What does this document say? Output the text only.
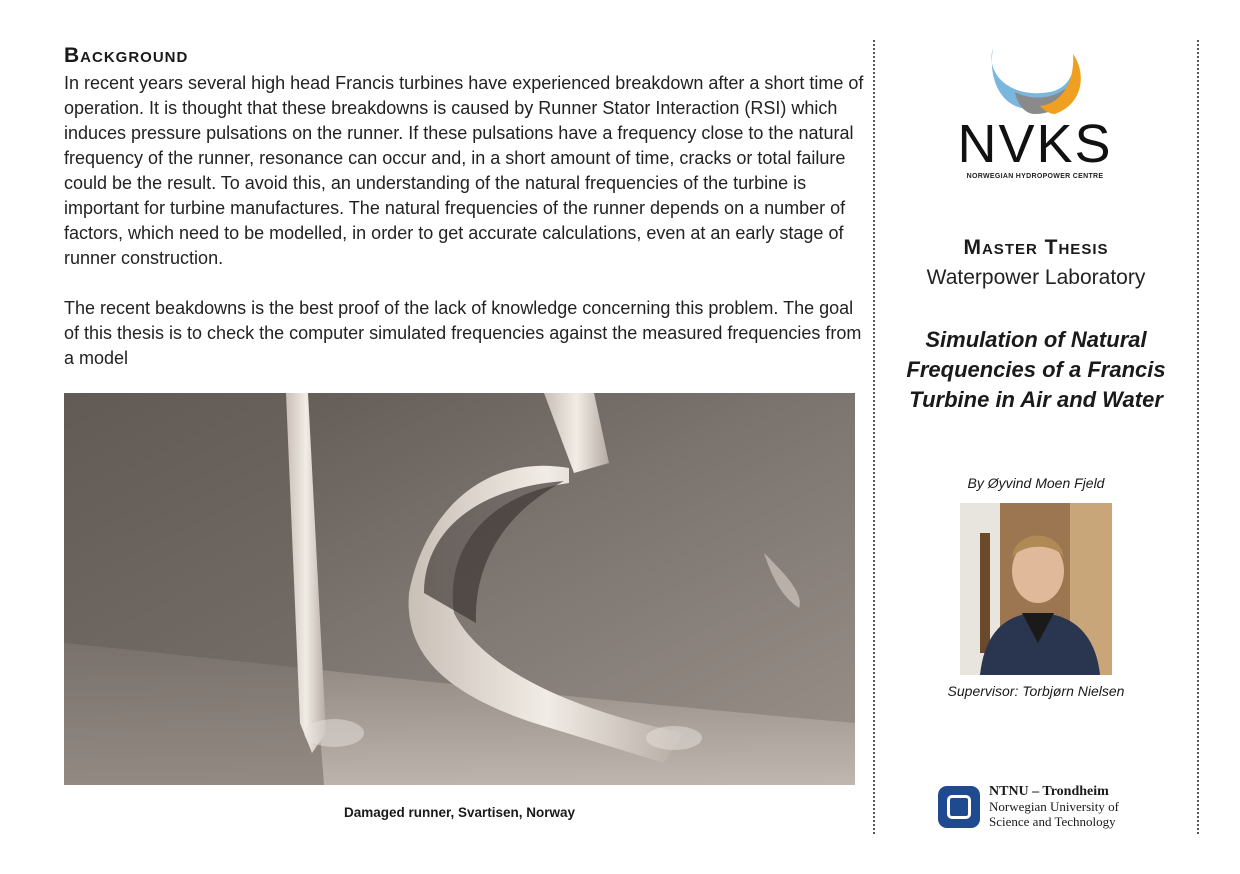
Background

In recent years several high head Francis turbines have experienced breakdown after a short time of operation. It is thought that these breakdowns is caused by Runner Stator Interaction (RSI) which induces pressure pulsations on the runner. If these pulsations have a frequency close to the natural frequency of the runner, resonance can occur and, in a short amount of time, cracks or total failure could be the result. To avoid this, an understanding of the natural frequencies of the turbine is important for turbine manufactures. The natural frequencies of the runner depends on a number of factors, which need to be modelled, in order to get accurate calculations, even at an early stage of runner construction.

The recent beakdowns is the best proof of the lack of knowledge concerning this problem. The goal of this thesis is to check the computer simulated frequencies against the measured frequencies from a model

Damaged runner, Svartisen, Norway
NVKS
NORWEGIAN HYDROPOWER CENTRE
Master Thesis
Waterpower Laboratory
Simulation of Natural Frequencies of a Francis Turbine in Air and Water
By Øyvind Moen Fjeld
Supervisor: Torbjørn Nielsen
NTNU – Trondheim
Norwegian University of
Science and Technology
